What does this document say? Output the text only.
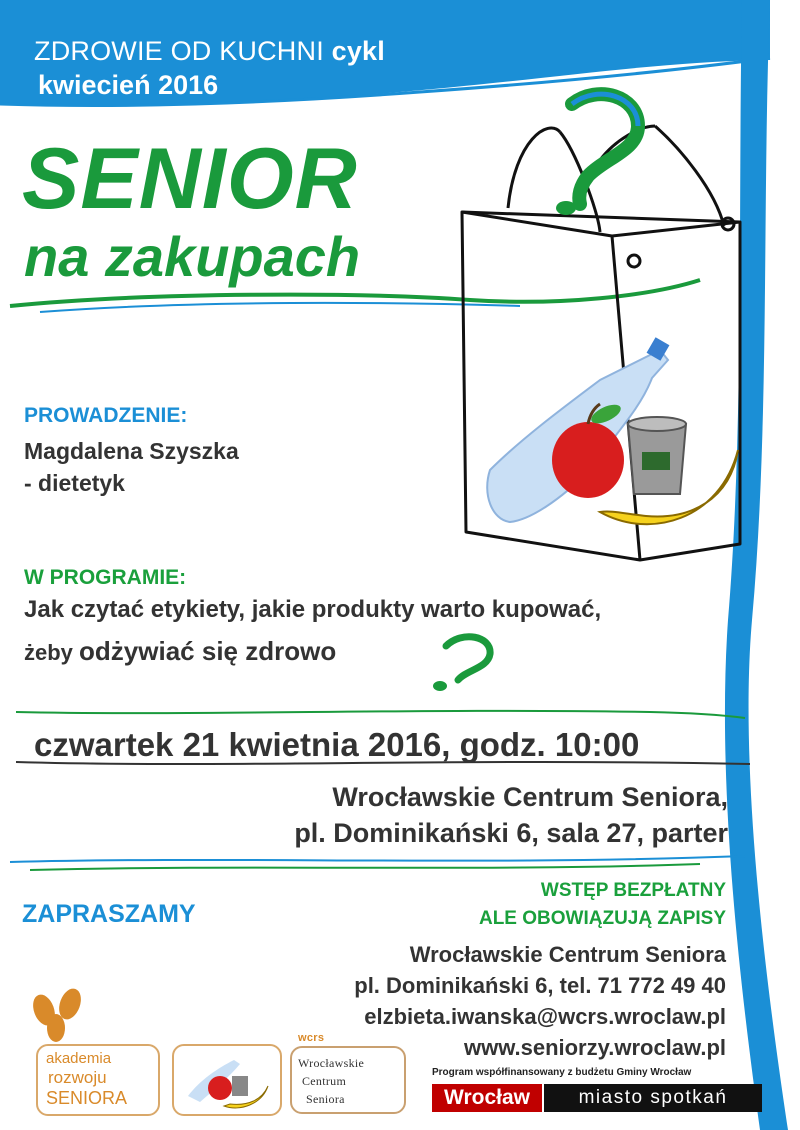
ZDROWIE OD KUCHNI cykl
kwiecień 2016
SENIOR
na zakupach
PROWADZENIE:
Magdalena Szyszka
- dietetyk
W PROGRAMIE:
Jak czytać etykiety, jakie produkty warto kupować,
żeby odżywiać się zdrowo
czwartek 21 kwietnia 2016, godz. 10:00
Wrocławskie Centrum Seniora,
pl. Dominikański 6, sala 27, parter
ZAPRASZAMY
WSTĘP BEZPŁATNY
ALE OBOWIĄZUJĄ ZAPISY
Wrocławskie Centrum Seniora
pl. Dominikański 6, tel. 71 772 49 40
elzbieta.iwanska@wcrs.wroclaw.pl
www.seniorzy.wroclaw.pl
akademia
rozwoju
SENIORA
wcrs
Wrocławskie
Centrum
Seniora
Program współfinansowany z budżetu Gminy Wrocław
Wrocław	miasto spotkań
